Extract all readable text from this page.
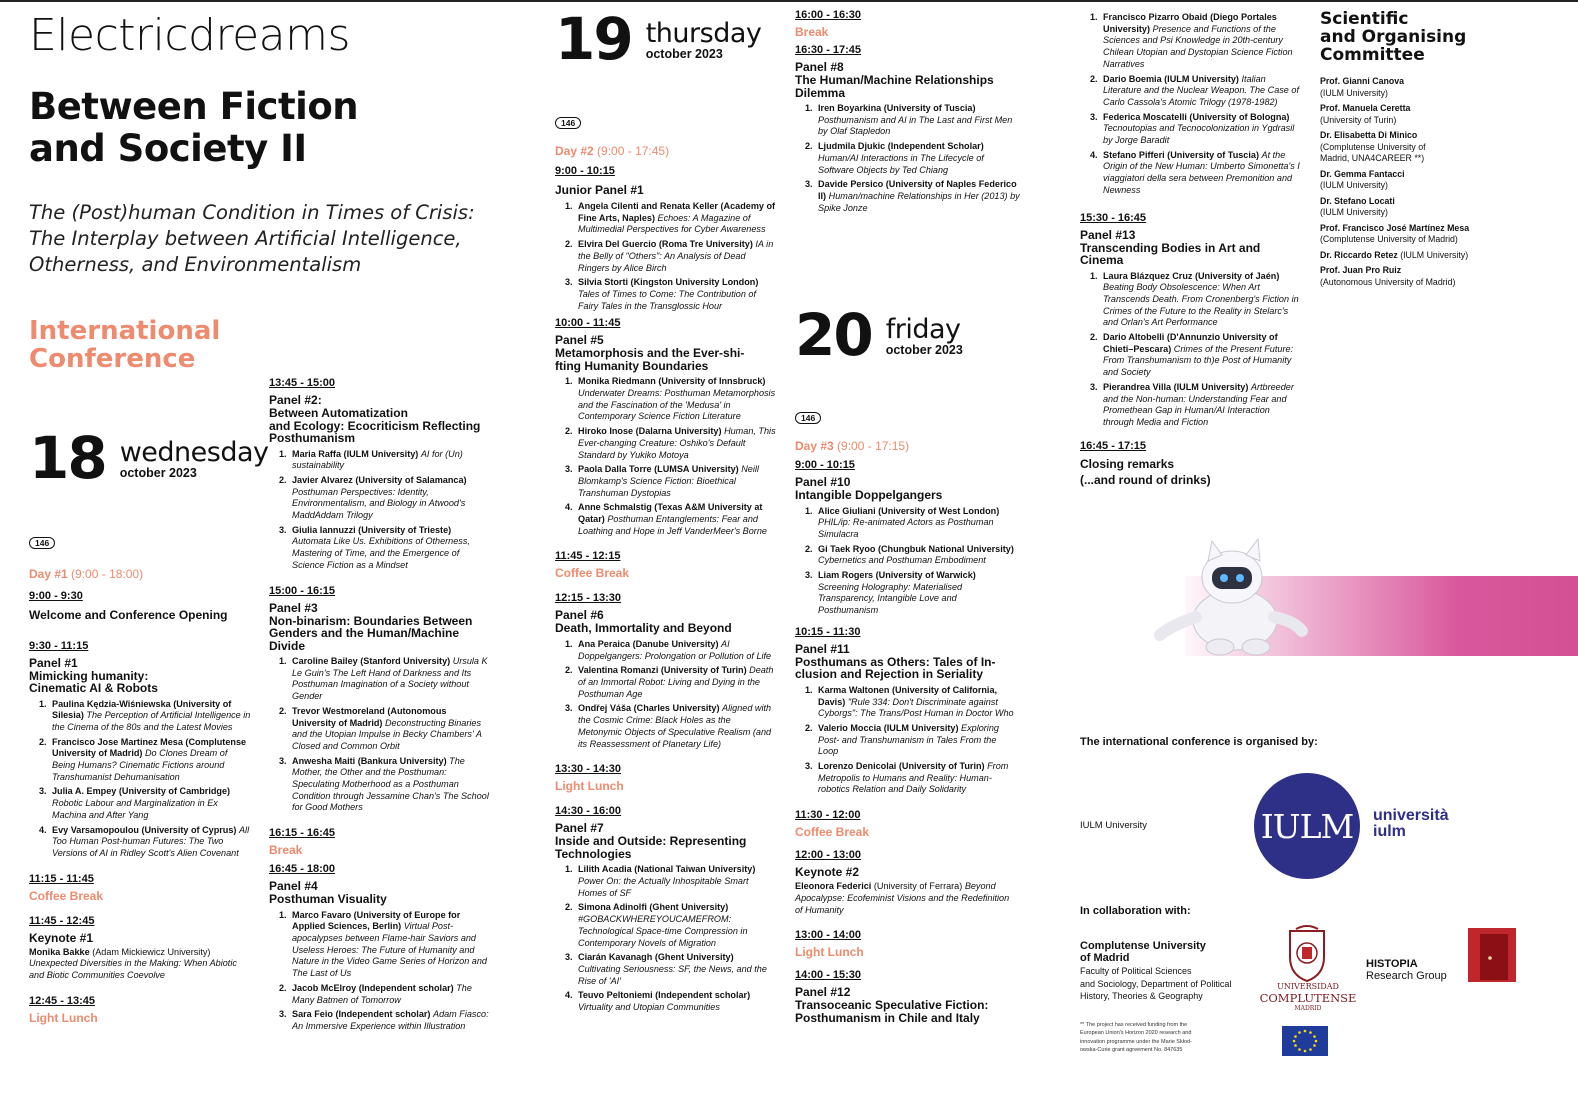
Electricdreams
Between Fiction
and Society II
The (Post)human Condition in Times of Crisis:
The Interplay between Artificial Intelligence,
Otherness, and Environmentalism
International
Conference
18 wednesday
october 2023
146
Day #1 (9:00 - 18:00)
9:00 - 9:30
Welcome and Conference Opening
9:30 - 11:15
Panel #1
Mimicking humanity:
Cinematic AI & Robots
1. Paulina Kędzia-Wiśniewska (University of Silesia) The Perception of Artificial Intelligence in the Cinema of the 80s and the Latest Movies
2. Francisco Jose Martinez Mesa (Complutense University of Madrid) Do Clones Dream of Being Humans? Cinematic Fictions around Transhumanist Dehumanisation
3. Julia A. Empey (University of Cambridge) Robotic Labour and Marginalization in Ex Machina and After Yang
4. Evy Varsamopoulou (University of Cyprus) All Too Human Post-human Futures: The Two Versions of AI in Ridley Scott's Alien Covenant
11:15 - 11:45
Coffee Break
11:45 - 12:45
Keynote #1
Monika Bakke (Adam Mickiewicz University)
Unexpected Diversities in the Making: When Abiotic and Biotic Communities Coevolve
12:45 - 13:45
Light Lunch
13:45 - 15:00
Panel #2:
Between Automatization
and Ecology: Ecocriticism Reflecting
Posthumanism
1. Maria Raffa (IULM University) AI for (Un) sustainability
2. Javier Alvarez (University of Salamanca) Posthuman Perspectives: Identity, Environmentalism, and Biology in Atwood's MaddAddam Trilogy
3. Giulia Iannuzzi (University of Trieste) Automata Like Us. Exhibitions of Otherness, Mastering of Time, and the Emergence of Science Fiction as a Mindset
15:00 - 16:15
Panel #3
Non-binarism: Boundaries Between
Genders and the Human/Machine
Divide
1. Caroline Bailey (Stanford University) Ursula K Le Guin's The Left Hand of Darkness and Its Posthuman Imagination of a Society without Gender
2. Trevor Westmoreland (Autonomous University of Madrid) Deconstructing Binaries and the Utopian Impulse in Becky Chambers' A Closed and Common Orbit
3. Anwesha Maiti (Bankura University) The Mother, the Other and the Posthuman: Speculating Motherhood as a Posthuman Condition through Jessamine Chan's The School for Good Mothers
16:15 - 16:45
Break
16:45 - 18:00
Panel #4
Posthuman Visuality
1. Marco Favaro (University of Europe for Applied Sciences, Berlin) Virtual Post-apocalypses between Flame-hair Saviors and Useless Heroes: The Future of Humanity and Nature in the Video Game Series of Horizon and The Last of Us
2. Jacob McElroy (Independent scholar) The Many Batmen of Tomorrow
3. Sara Feio (Independent scholar) Adam Fiasco: An Immersive Experience within Illustration
19 thursday
october 2023
146
Day #2 (9:00 - 17:45)
9:00 - 10:15
Junior Panel #1
1. Angela Cilenti and Renata Keller (Academy of Fine Arts, Naples) Echoes: A Magazine of Multimedial Perspectives for Cyber Awareness
2. Elvira Del Guercio (Roma Tre University) IA in the Belly of "Others": An Analysis of Dead Ringers by Alice Birch
3. Silvia Storti (Kingston University London) Tales of Times to Come: The Contribution of Fairy Tales in the Transglossic Hour
10:00 - 11:45
Panel #5
Metamorphosis and the Ever-shi-
fting Humanity Boundaries
1. Monika Riedmann (University of Innsbruck) Underwater Dreams: Posthuman Metamorphosis and the Fascination of the 'Medusa' in Contemporary Science Fiction Literature
2. Hiroko Inose (Dalarna University) Human, This Ever-changing Creature: Oshiko's Default Standard by Yukiko Motoya
3. Paola Dalla Torre (LUMSA University) Neill Blomkamp's Science Fiction: Bioethical Transhuman Dystopias
4. Anne Schmalstig (Texas A&M University at Qatar) Posthuman Entanglements: Fear and Loathing and Hope in Jeff VanderMeer's Borne
11:45 - 12:15
Coffee Break
12:15 - 13:30
Panel #6
Death, Immortality and Beyond
1. Ana Peraica (Danube University) AI Doppelgangers: Prolongation or Pollution of Life
2. Valentina Romanzi (University of Turin) Death of an Immortal Robot: Living and Dying in the Posthuman Age
3. Ondřej Váša (Charles University) Aligned with the Cosmic Crime: Black Holes as the Metonymic Objects of Speculative Realism (and its Reassessment of Planetary Life)
13:30 - 14:30
Light Lunch
14:30 - 16:00
Panel #7
Inside and Outside: Representing
Technologies
1. Lilith Acadia (National Taiwan University) Power On: the Actually Inhospitable Smart Homes of SF
2. Simona Adinolfi (Ghent University) #GOBACKWHEREYOUCAMEFROM: Technological Space-time Compression in Contemporary Novels of Migration
3. Ciarán Kavanagh (Ghent University) Cultivating Seriousness: SF, the News, and the Rise of 'AI'
4. Teuvo Peltoniemi (Independent scholar) Virtuality and Utopian Communities
16:00 - 16:30
Break
16:30 - 17:45
Panel #8
The Human/Machine Relationships
Dilemma
1. Iren Boyarkina (University of Tuscia) Posthumanism and AI in The Last and First Men by Olaf Stapledon
2. Ljudmila Djukic (Independent Scholar) Human/AI Interactions in The Lifecycle of Software Objects by Ted Chiang
3. Davide Persico (University of Naples Federico II) Human/machine Relationships in Her (2013) by Spike Jonze
20 friday
october 2023
146
Day #3 (9:00 - 17:15)
9:00 - 10:15
Panel #10
Intangible Doppelgangers
1. Alice Giuliani (University of West London) PHIL/ip: Re-animated Actors as Posthuman Simulacra
2. Gi Taek Ryoo (Chungbuk National University) Cybernetics and Posthuman Embodiment
3. Liam Rogers (University of Warwick) Screening Holography: Materialised Transparency, Intangible Love and Posthumanism
10:15 - 11:30
Panel #11
Posthumans as Others: Tales of In-
clusion and Rejection in Seriality
1. Karma Waltonen (University of California, Davis) "Rule 334: Don't Discriminate against Cyborgs": The Trans/Post Human in Doctor Who
2. Valerio Moccia (IULM University) Exploring Post- and Transhumanism in Tales From the Loop
3. Lorenzo Denicolai (University of Turin) From Metropolis to Humans and Reality: Human-robotics Relation and Daily Solidarity
11:30 - 12:00
Coffee Break
12:00 - 13:00
Keynote #2
Eleonora Federici (University of Ferrara) Beyond Apocalypse: Ecofeminist Visions and the Redefinition of Humanity
13:00 - 14:00
Light Lunch
14:00 - 15:30
Panel #12
Transoceanic Speculative Fiction:
Posthumanism in Chile and Italy
1. Francisco Pizarro Obaid (Diego Portales University) Presence and Functions of the Sciences and Psi Knowledge in 20th-century Chilean Utopian and Dystopian Science Fiction Narratives
2. Dario Boemia (IULM University) Italian Literature and the Nuclear Weapon. The Case of Carlo Cassola's Atomic Trilogy (1978-1982)
3. Federica Moscatelli (University of Bologna) Tecnoutopias and Tecnocolonization in Ygdrasil by Jorge Baradit
4. Stefano Pifferi (University of Tuscia) At the Origin of the New Human: Umberto Simonetta's I viaggiatori della sera between Premonition and Newness
15:30 - 16:45
Panel #13
Transcending Bodies in Art and
Cinema
1. Laura Blázquez Cruz (University of Jaén) Beating Body Obsolescence: When Art Transcends Death. From Cronenberg's Fiction in Crimes of the Future to the Reality in Stelarc's and Orlan's Art Performance
2. Dario Altobelli (D'Annunzio University of Chieti–Pescara) Crimes of the Present Future: From Transhumanism to th)e Post of Humanity and Society
3. Pierandrea Villa (IULM University) Artbreeder and the Non-human: Understanding Fear and Promethean Gap in Human/AI Interaction through Media and Fiction
16:45 - 17:15
Closing remarks
(...and round of drinks)
Scientific
and Organising
Committee
Prof. Gianni Canova
(IULM University)
Prof. Manuela Ceretta
(University of Turin)
Dr. Elisabetta Di Minico
(Complutense University of Madrid, UNA4CAREER **)
Dr. Gemma Fantacci
(IULM University)
Dr. Stefano Locati
(IULM University)
Prof. Francisco José Martínez Mesa
(Complutense University of Madrid)
Dr. Riccardo Retez (IULM University)
Prof. Juan Pro Ruiz
(Autonomous University of Madrid)
The international conference is organised by:
IULM University	IULM università
iulm
In collaboration with:
Complutense University
of Madrid
Faculty of Political Sciences
and Sociology, Department of Political
History, Theories & Geography
** The project has received funding from the
European Union's Horizon 2020 research and
innovation programme under the Marie Skłod-
owska-Curie grant agreement No. 847635
UNIVERSIDAD
COMPLUTENSE
MADRID
HISTOPIA
Research Group
